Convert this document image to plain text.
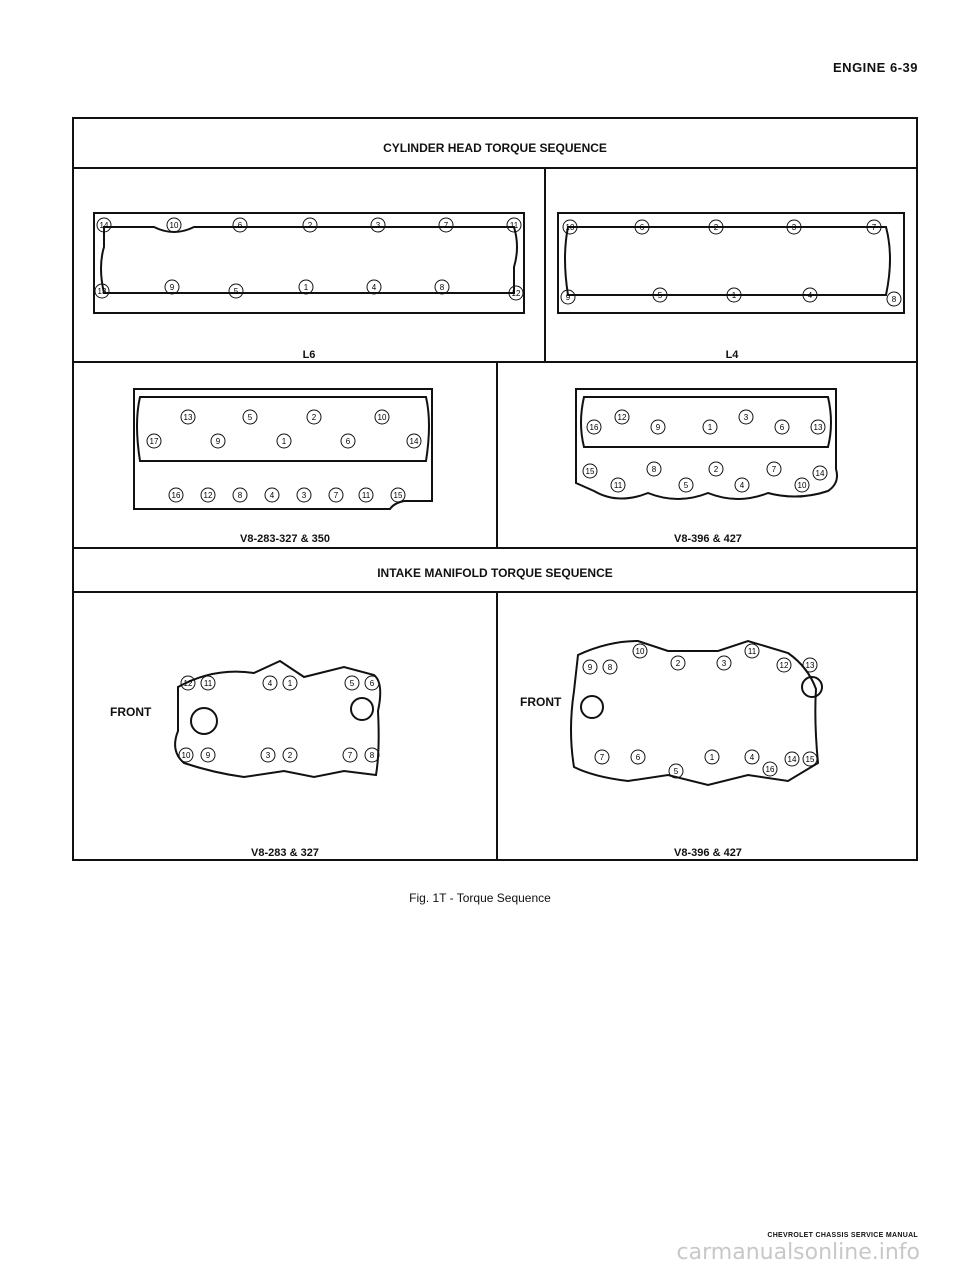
ENGINE 6-39
CYLINDER HEAD TORQUE SEQUENCE
14	10	6	2	3	7	11
9	5	1	4	8
13	12
L6
10	6	2	3	7
5	1	4
9	8
L4
13	5	2	10
17	9	1	6	14
16	12	8	4	3	7	11	15
V8-283-327 & 350
12	3
16	9	1	6	13
8	2	7
15
11	5	4	10
14
V8-396 & 427
INTAKE MANIFOLD TORQUE SEQUENCE
FRONT
12 11	4 1	5 6
10 9	3 2	7 8
V8-283 & 327
FRONT
10	11
9 8	2	3	12 13
7	6
5
1	4
16
14 15
V8-396 & 427
Fig. 1T - Torque Sequence
CHEVROLET CHASSIS SERVICE MANUAL
carmanualsonline.info
